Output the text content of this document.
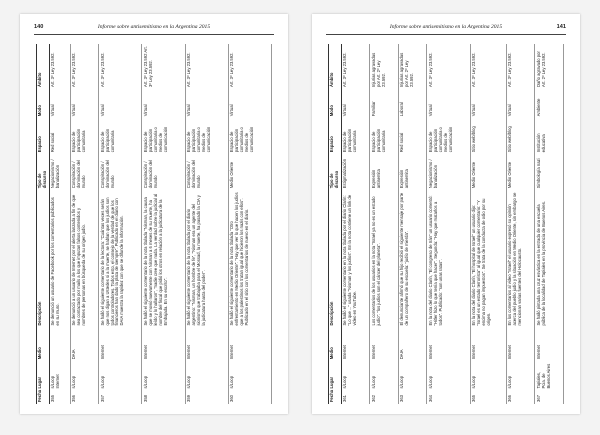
140	Informe sobre antisemitismo en la Argentina 2015
Fecha	Lugar	Medio	Descripción	Tipo de discurso	Espacio	Modo	Ámbito
355	s/Loop Internet		Se denunció un usuario de Facebook por los comentarios publicados en su muro.	Negacionismo / banalización	Red social	Virtual	Art. 3º Ley 23.592.
356	s/Loop	DAIA	Se denunció a un usuario de Internet por el alerta lanzada a fin de que sea contactado por mails a los que imputan falsos contenidos y nombres de personas en búsqueda de su origen judío.	Conspiración / dominación del mundo	Espacio de participación comunitaria	Virtual	Art. 3º Ley 23.592.
357	s/Loop	Internet	Se halló el siguiente comentario de la lectora: "Cuántas veces serán que nos digan a Ustedes si a la muerte, se hablan que los judíos son todos controladores. Todos esto, el consejo de la verdad de que los financieros han dado la plata de siempre". Publicado en el diario con DAIA muestra la rapidez con que se difunde la información.	Conspiración / dominación del mundo	Espacio de participación comunitaria	Virtual	Art. 3º Ley 23.592.
358	s/Loop	Internet	Se halló el siguiente comentario de la nota titulada "Nisman, la causa que se movió nuevamente con Nisman a 6 meses de su muerte, ha leído y lo hallaron", "nadie cree que nada. La verdad sobre la judicial al nombre del fiscal que pidió los otros en relación a la judicatura de la Embajada. En su escrito".	Conspiración / dominación del mundo	Espacio de participación comunitaria o medios de comunicación	Virtual	Art. 3º Ley 23.592 Art. 3º Ley 23.592.
359	s/Loop	Internet	Se halló el siguiente comentario de la nota titulada por el diario argentino: "Nisman, un hombre de fe", "Nisman era un agente del sionismo que trabajaba para el Mossad, la muerte, ha pasado la CIA y la judicatura hasta del poder".	Conspiración / dominación del mundo	Espacio de participación comunitaria o medios de comunicación	Virtual	Art. 3º Ley 23.592.
360	s/Loop	Internet	Se halló el siguiente comentario de la nota titulada "Otro enfrentamiento en Medio Oriente": "Hay que ver lo que hacen los judíos que a los palestinos los tratan igual que hicieron los nazis con ellos". Publicado en el sitio con los comentarios de nuevo en el diario.	Medio Oriente	Espacio de participación comunitaria o medios de comunicación	Virtual	Art. 3º Ley 23.592.
141
Informe sobre antisemitismo en la Argentina 2015
Fecha	Lugar	Medio	Descripción	Tipo de discurso	Espacio	Modo	Ámbito
361	s/Loop	Internet	Se halló el siguiente comentario en la nota titulada por el diario Clarín: "Lo que ..." usada "Nisman y los judíos". En la nota contiene un link de video en YouTube.	Estigmatización	Espacio de participación comunitaria	Virtual	Art. 3º Ley 23.592.
362	s/Loop	Internet	Los comentarios de los usuarios en la nota "Israel ya no es un estado judío": "los judíos son el cáncer del planeta".	Expresión antisemita	Espacio de participación comunitaria	Familiar	Injurias agravadas por Art. 2º Ley 23.592.
363	s/Loop	DAIA	El denunciante afirmó que su hijo recibió el siguiente mensaje por parte de un compañero de su escuela: "judío de mierda".	Expresión antisemita	Red social	Laboral	Injurias agravadas por Art. 2º Ley 23.592.
364	s/Loop	Internet	En la nota del diario Clarín, "El congreso de Irán" un usuario comentó: "Hitler hizo lo que tenía que hacer". Segunda: "Hay que matarlos a todos". Publicado: "son unas ratas".	Negacionismo / banalización	Espacio de participación comunitaria o medios de comunicación	Virtual	Art. 3º Ley 23.592.
365	s/Loop	Internet	En la nota del diario Clarín, "El hospital de Israel" un usuario dijo: "Israel es un estado terrorista" al igual que cualquier comentario: "Y encima no pagan impuestos". Se trata de la conducta de odio por su origen.	Medio Oriente	Sitio web/blog	Virtual	Art. 3º Ley 23.592.
366	s/Loop	Internet	En los comentarios al video "Israel" el usuario expresó su opinión acerca del pueblo judío y la situación en Medio Oriente, sin embargo se mencionan varias fuentes del Holocausto.	Medio Oriente	Sitio web/blog	Virtual	Art. 3º Ley 23.592.
367	Tapiales, Pcia. de Buenos Aires	Internet	Se halló pintada una cruz esvástica en la entrada de una escuela pública de la localidad de Tapiales en la provincia de Buenos Aires.	Simbología nazi	Institución educativa	Ambiente	Daño agravado por Art. 2º Ley 23.592.
